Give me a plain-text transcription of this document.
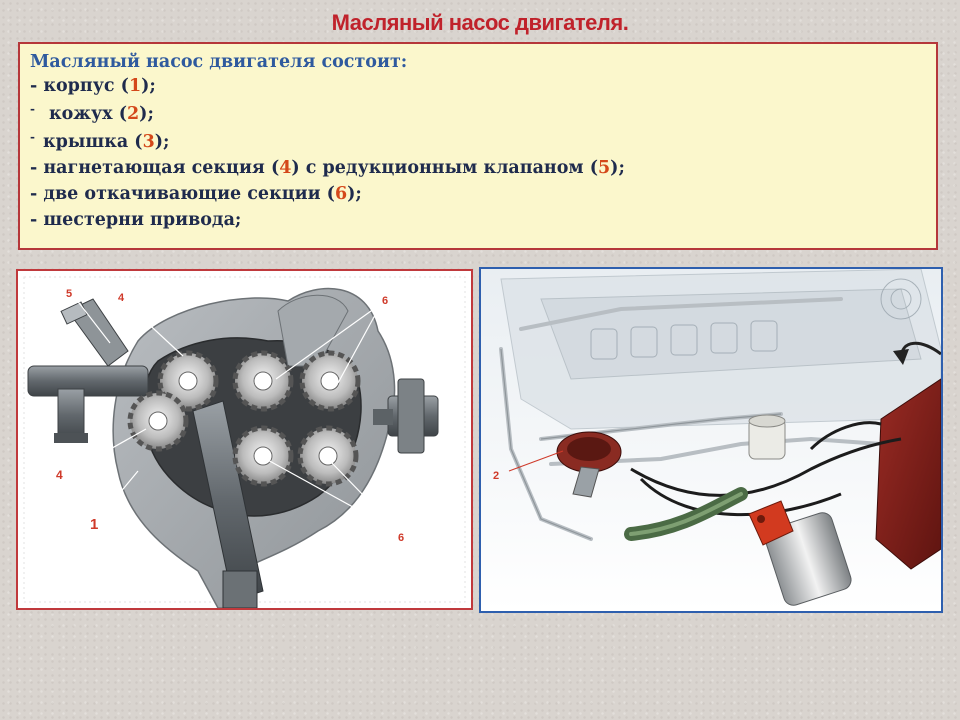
Масляный насос двигателя.
Масляный насос двигателя состоит:
- корпус (1);
- кожух (2);
- крышка (3);
- нагнетающая секция (4) с редукционным клапаном (5);
- две откачивающие секции (6);
- шестерни привода;
5	4	6
4
1
6
2
